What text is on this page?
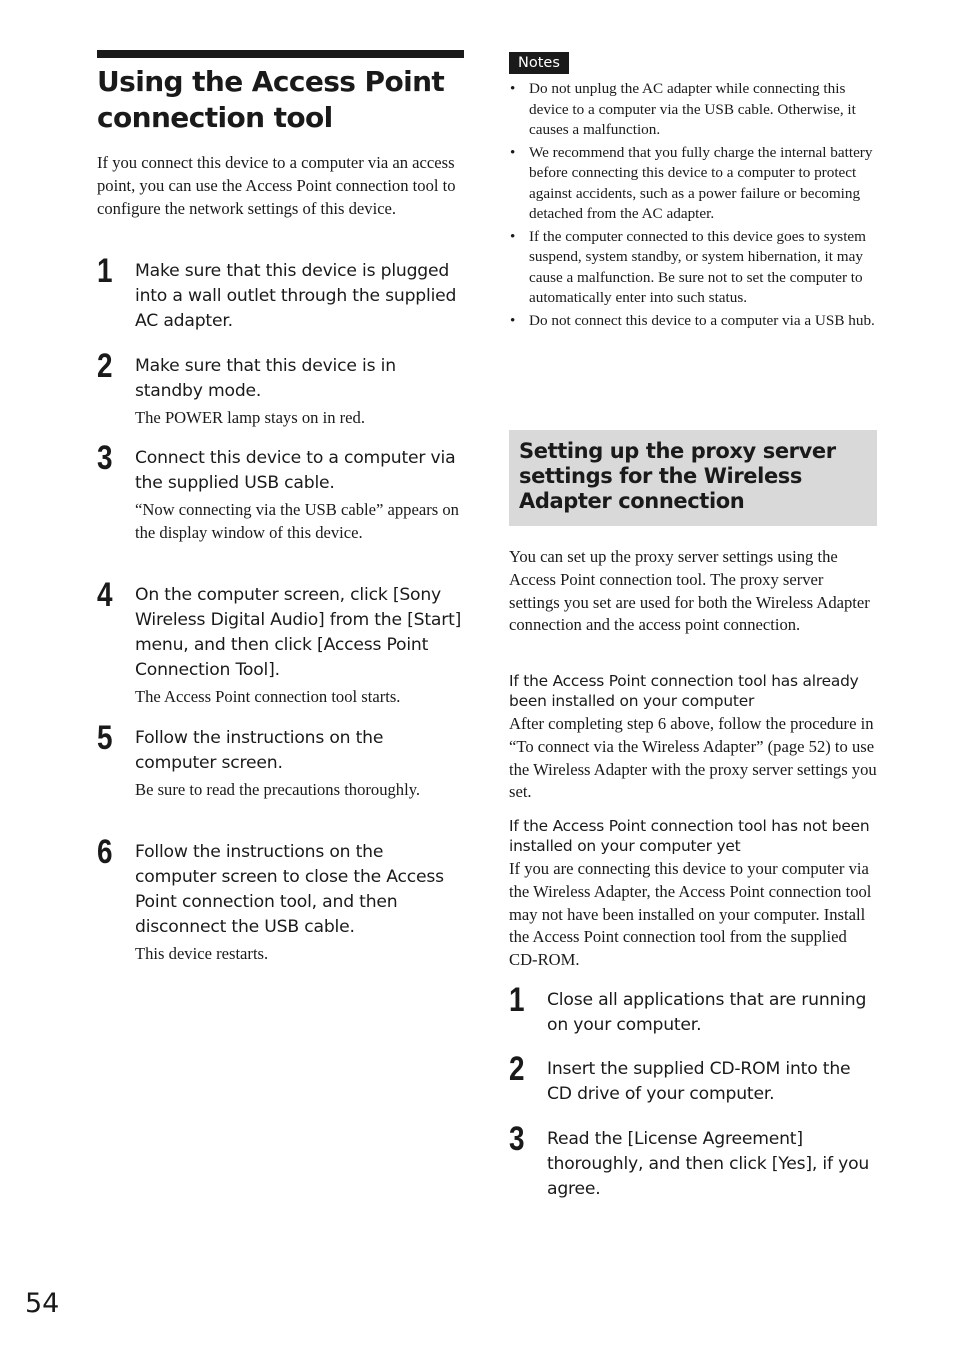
Using the Access Point connection tool

If you connect this device to a computer via an access point, you can use the Access Point connection tool to configure the network settings of this device.

1 Make sure that this device is plugged into a wall outlet through the supplied AC adapter.

2 Make sure that this device is in standby mode.

The POWER lamp stays on in red.

3 Connect this device to a computer via the supplied USB cable.

“Now connecting via the USB cable” appears on the display window of this device.

4 On the computer screen, click [Sony Wireless Digital Audio] from the [Start] menu, and then click [Access Point Connection Tool].

The Access Point connection tool starts.

5 Follow the instructions on the computer screen.

Be sure to read the precautions thoroughly.

6 Follow the instructions on the computer screen to close the Access Point connection tool, and then disconnect the USB cable.

This device restarts.

Notes
• Do not unplug the AC adapter while connecting this device to a computer via the USB cable. Otherwise, it causes a malfunction.
• We recommend that you fully charge the internal battery before connecting this device to a computer to protect against accidents, such as a power failure or becoming detached from the AC adapter.
• If the computer connected to this device goes to system suspend, system standby, or system hibernation, it may cause a malfunction. Be sure not to set the computer to automatically enter into such status.
• Do not connect this device to a computer via a USB hub.
Setting up the proxy server settings for the Wireless Adapter connection

You can set up the proxy server settings using the Access Point connection tool. The proxy server settings you set are used for both the Wireless Adapter connection and the access point connection.

If the Access Point connection tool has already been installed on your computer

After completing step 6 above, follow the procedure in “To connect via the Wireless Adapter” (page 52) to use the Wireless Adapter with the proxy server settings you set.

If the Access Point connection tool has not been installed on your computer yet

If you are connecting this device to your computer via the Wireless Adapter, the Access Point connection tool may not have been installed on your computer. Install the Access Point connection tool from the supplied CD-ROM.

1 Close all applications that are running on your computer.

2 Insert the supplied CD-ROM into the CD drive of your computer.

3 Read the [License Agreement] thoroughly, and then click [Yes], if you agree.

54
